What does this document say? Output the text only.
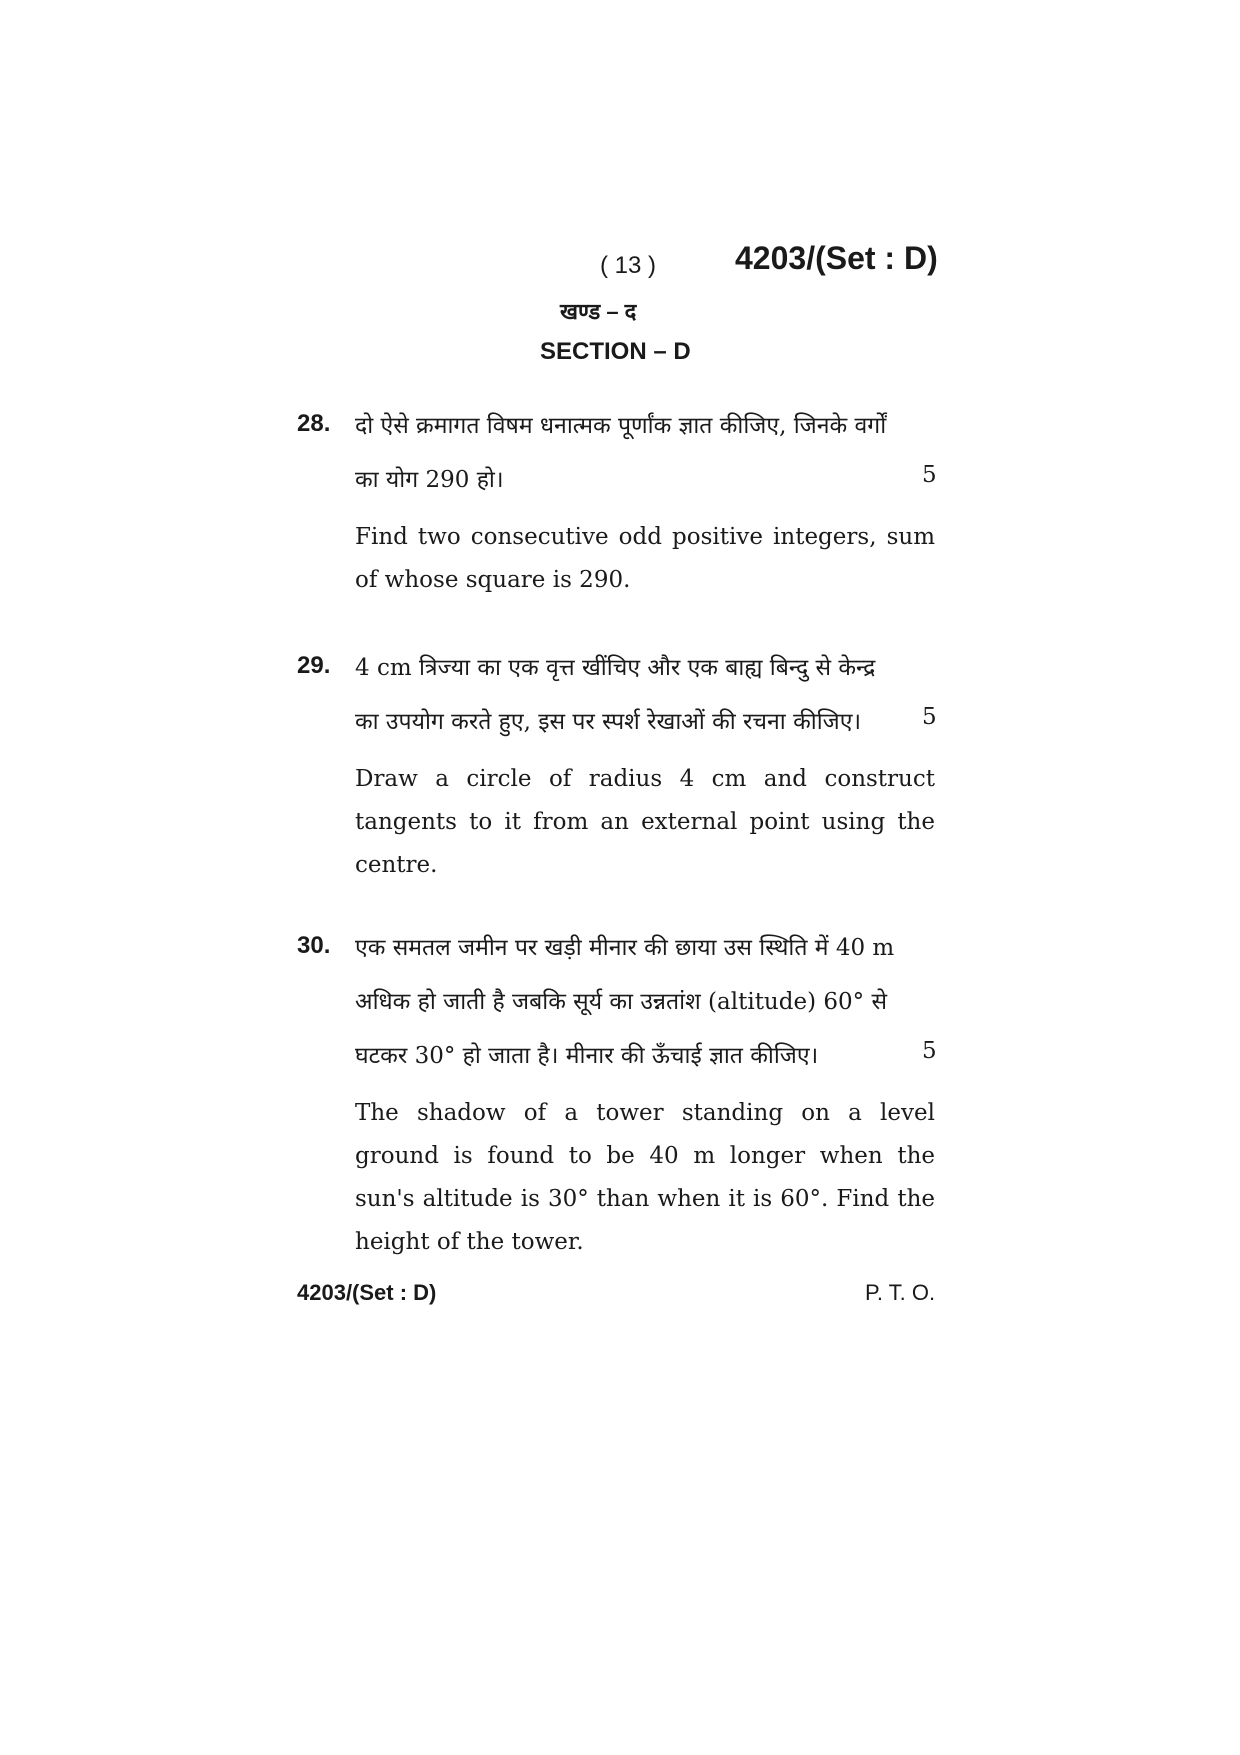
( 13 ) 4203/(Set : D)
खण्ड – द
SECTION – D
28. दो ऐसे क्रमागत विषम धनात्मक पूर्णांक ज्ञात कीजिए, जिनके वर्गों
का योग 290 हो।	5
Find two consecutive odd positive integers, sum of whose square is 290.
29. 4 cm त्रिज्या का एक वृत्त खींचिए और एक बाह्य बिन्दु से केन्द्र
का उपयोग करते हुए, इस पर स्पर्श रेखाओं की रचना कीजिए।	5
Draw a circle of radius 4 cm and construct tangents to it from an external point using the centre.
30. एक समतल जमीन पर खड़ी मीनार की छाया उस स्थिति में 40 m
अधिक हो जाती है जबकि सूर्य का उन्नतांश (altitude) 60° से
घटकर 30° हो जाता है। मीनार की ऊँचाई ज्ञात कीजिए।	5
The shadow of a tower standing on a level ground is found to be 40 m longer when the sun's altitude is 30° than when it is 60°. Find the height of the tower.
4203/(Set : D)	P. T. O.
